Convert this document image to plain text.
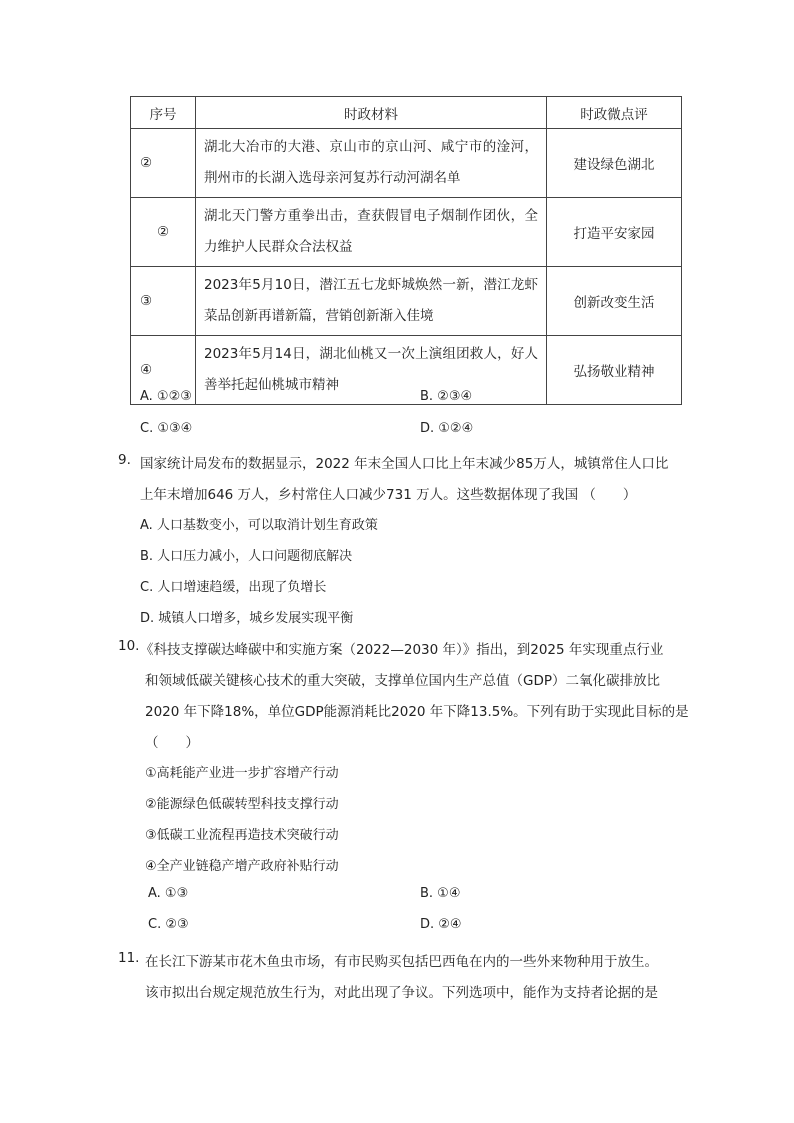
序号	时政材料	时政微点评
②	湖北大冶市的大港、京山市的京山河、咸宁市的淦河，荆州市的长湖入选母亲河复苏行动河湖名单	建设绿色湖北
②	湖北天门警方重拳出击，查获假冒电子烟制作团伙，全力维护人民群众合法权益	打造平安家园
③	2023年5月10日，潜江五七龙虾城焕然一新，潜江龙虾菜品创新再谱新篇，营销创新渐入佳境	创新改变生活
④	2023年5月14日，湖北仙桃又一次上演组团救人，好人善举托起仙桃城市精神	弘扬敬业精神
A. ①②③	B. ②③④
C. ①③④	D. ①②④
9. 国家统计局发布的数据显示，2022 年末全国人口比上年末减少85万人，城镇常住人口比
上年末增加646 万人，乡村常住人口减少731 万人。这些数据体现了我国 （　　）
A. 人口基数变小，可以取消计划生育政策
B. 人口压力减小，人口问题彻底解决
C. 人口增速趋缓，出现了负增长
D. 城镇人口增多，城乡发展实现平衡
10. 《科技支撑碳达峰碳中和实施方案（2022—2030 年）》指出，到2025 年实现重点行业
和领域低碳关键核心技术的重大突破，支撑单位国内生产总值（GDP）二氧化碳排放比
2020 年下降18%，单位GDP能源消耗比2020 年下降13.5%。下列有助于实现此目标的是
（　　）
①高耗能产业进一步扩容增产行动
②能源绿色低碳转型科技支撑行动
③低碳工业流程再造技术突破行动
④全产业链稳产增产政府补贴行动
A. ①③	B. ①④
C. ②③	D. ②④
11. 在长江下游某市花木鱼虫市场，有市民购买包括巴西龟在内的一些外来物种用于放生。
该市拟出台规定规范放生行为，对此出现了争议。下列选项中，能作为支持者论据的是
